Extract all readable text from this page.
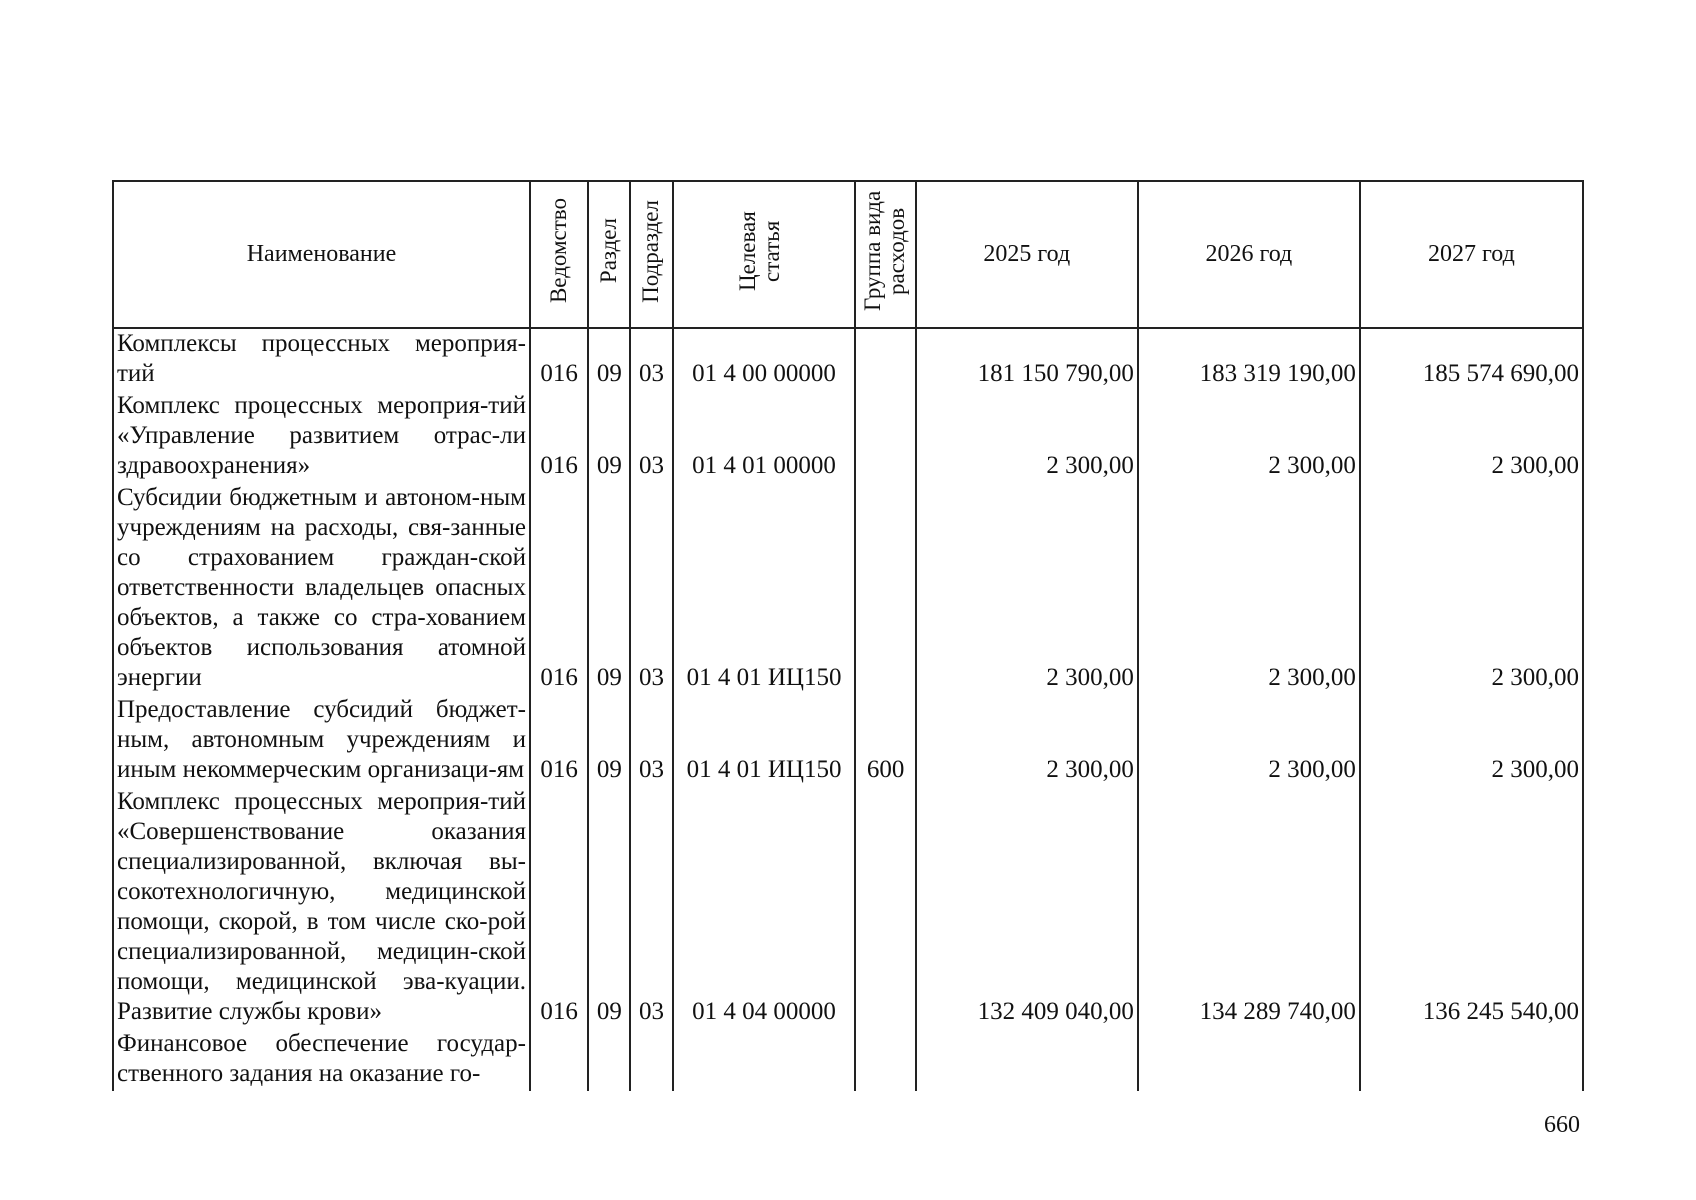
Наименование	Ведомство	Раздел	Подраздел	Целевая статья	Группа вида расходов	2025 год	2026 год	2027 год
Комплексы процессных мероприя-тий	016	09	03	01 4 00 00000		181 150 790,00	183 319 190,00	185 574 690,00
Комплекс процессных мероприя-тий «Управление развитием отрас-ли здравоохранения»	016	09	03	01 4 01 00000		2 300,00	2 300,00	2 300,00
Субсидии бюджетным и автоном-ным учреждениям на расходы, свя-занные со страхованием граждан-ской ответственности владельцев опасных объектов, а также со стра-хованием объектов использования атомной энергии	016	09	03	01 4 01 ИЦ150		2 300,00	2 300,00	2 300,00
Предоставление субсидий бюджет-ным, автономным учреждениям и иным некоммерческим организаци-ям	016	09	03	01 4 01 ИЦ150	600	2 300,00	2 300,00	2 300,00
Комплекс процессных мероприя-тий «Совершенствование оказания специализированной, включая вы-сокотехнологичную, медицинской помощи, скорой, в том числе ско-рой специализированной, медицин-ской помощи, медицинской эва-куации. Развитие службы крови»	016	09	03	01 4 04 00000		132 409 040,00	134 289 740,00	136 245 540,00
Финансовое обеспечение государ-ственного задания на оказание го-								
660
